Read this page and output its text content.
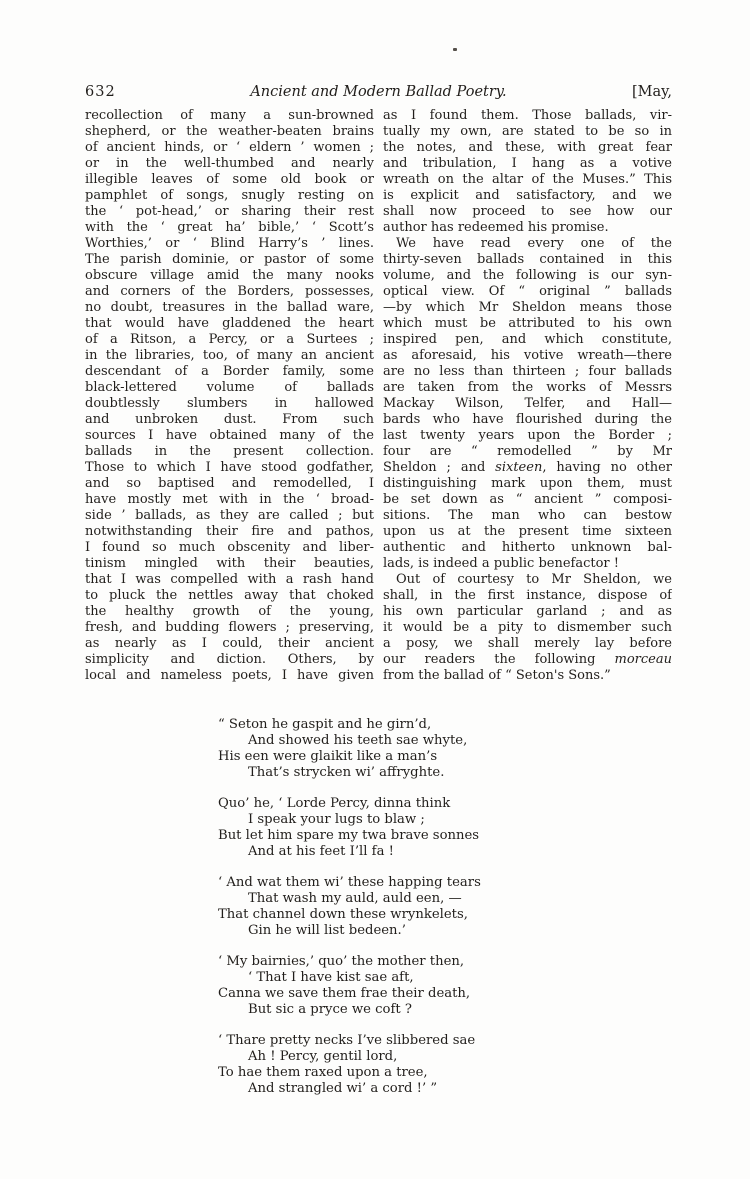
632	Ancient and Modern Ballad Poetry.	[May,
recollection of many a sun-browned
shepherd, or the weather-beaten brains
of ancient hinds, or ‘ eldern ’ women ;
or in the well-thumbed and nearly
illegible leaves of some old book or
pamphlet of songs, snugly resting on
the ‘ pot-head,’ or sharing their rest
with the ‘ great ha’ bible,’ ‘ Scott’s
Worthies,’ or ‘ Blind Harry’s ’ lines.
The parish dominie, or pastor of some
obscure village amid the many nooks
and corners of the Borders, possesses,
no doubt, treasures in the ballad ware,
that would have gladdened the heart
of a Ritson, a Percy, or a Surtees ;
in the libraries, too, of many an ancient
descendant of a Border family, some
black-lettered volume of ballads
doubtlessly slumbers in hallowed
and unbroken dust. From such
sources I have obtained many of the
ballads in the present collection.
Those to which I have stood godfather,
and so baptised and remodelled, I
have mostly met with in the ‘ broad-
side ’ ballads, as they are called ; but
notwithstanding their fire and pathos,
I found so much obscenity and liber-
tinism mingled with their beauties,
that I was compelled with a rash hand
to pluck the nettles away that choked
the healthy growth of the young,
fresh, and budding flowers ; preserving,
as nearly as I could, their ancient
simplicity and diction. Others, by
local and nameless poets, I have given
as I found them. Those ballads, vir-
tually my own, are stated to be so in
the notes, and these, with great fear
and tribulation, I hang as a votive
wreath on the altar of the Muses.” This
is explicit and satisfactory, and we
shall now proceed to see how our
author has redeemed his promise.
We have read every one of the
thirty-seven ballads contained in this
volume, and the following is our syn-
optical view. Of “ original ” ballads
—by which Mr Sheldon means those
which must be attributed to his own
inspired pen, and which constitute,
as aforesaid, his votive wreath—there
are no less than thirteen ; four ballads
are taken from the works of Messrs
Mackay Wilson, Telfer, and Hall—
bards who have flourished during the
last twenty years upon the Border ;
four are “ remodelled ” by Mr
Sheldon ; and sixteen, having no other
distinguishing mark upon them, must
be set down as “ ancient ” composi-
sitions. The man who can bestow
upon us at the present time sixteen
authentic and hitherto unknown bal-
lads, is indeed a public benefactor !
Out of courtesy to Mr Sheldon, we
shall, in the first instance, dispose of
his own particular garland ; and as
it would be a pity to dismember such
a posy, we shall merely lay before
our readers the following morceau
from the ballad of “ Seton's Sons.”
“ Seton he gaspit and he girn’d,
And showed his teeth sae whyte,
His een were glaikit like a man’s
That’s strycken wi’ affryghte.
Quo’ he, ‘ Lorde Percy, dinna think
I speak your lugs to blaw ;
But let him spare my twa brave sonnes
And at his feet I’ll fa !
‘ And wat them wi’ these happing tears
That wash my auld, auld een, —
That channel down these wrynkelets,
Gin he will list bedeen.’
‘ My bairnies,’ quo’ the mother then,
‘ That I have kist sae aft,
Canna we save them frae their death,
But sic a pryce we coft ?
‘ Thare pretty necks I’ve slibbered sae
Ah ! Percy, gentil lord,
To hae them raxed upon a tree,
And strangled wi’ a cord !’ ”
